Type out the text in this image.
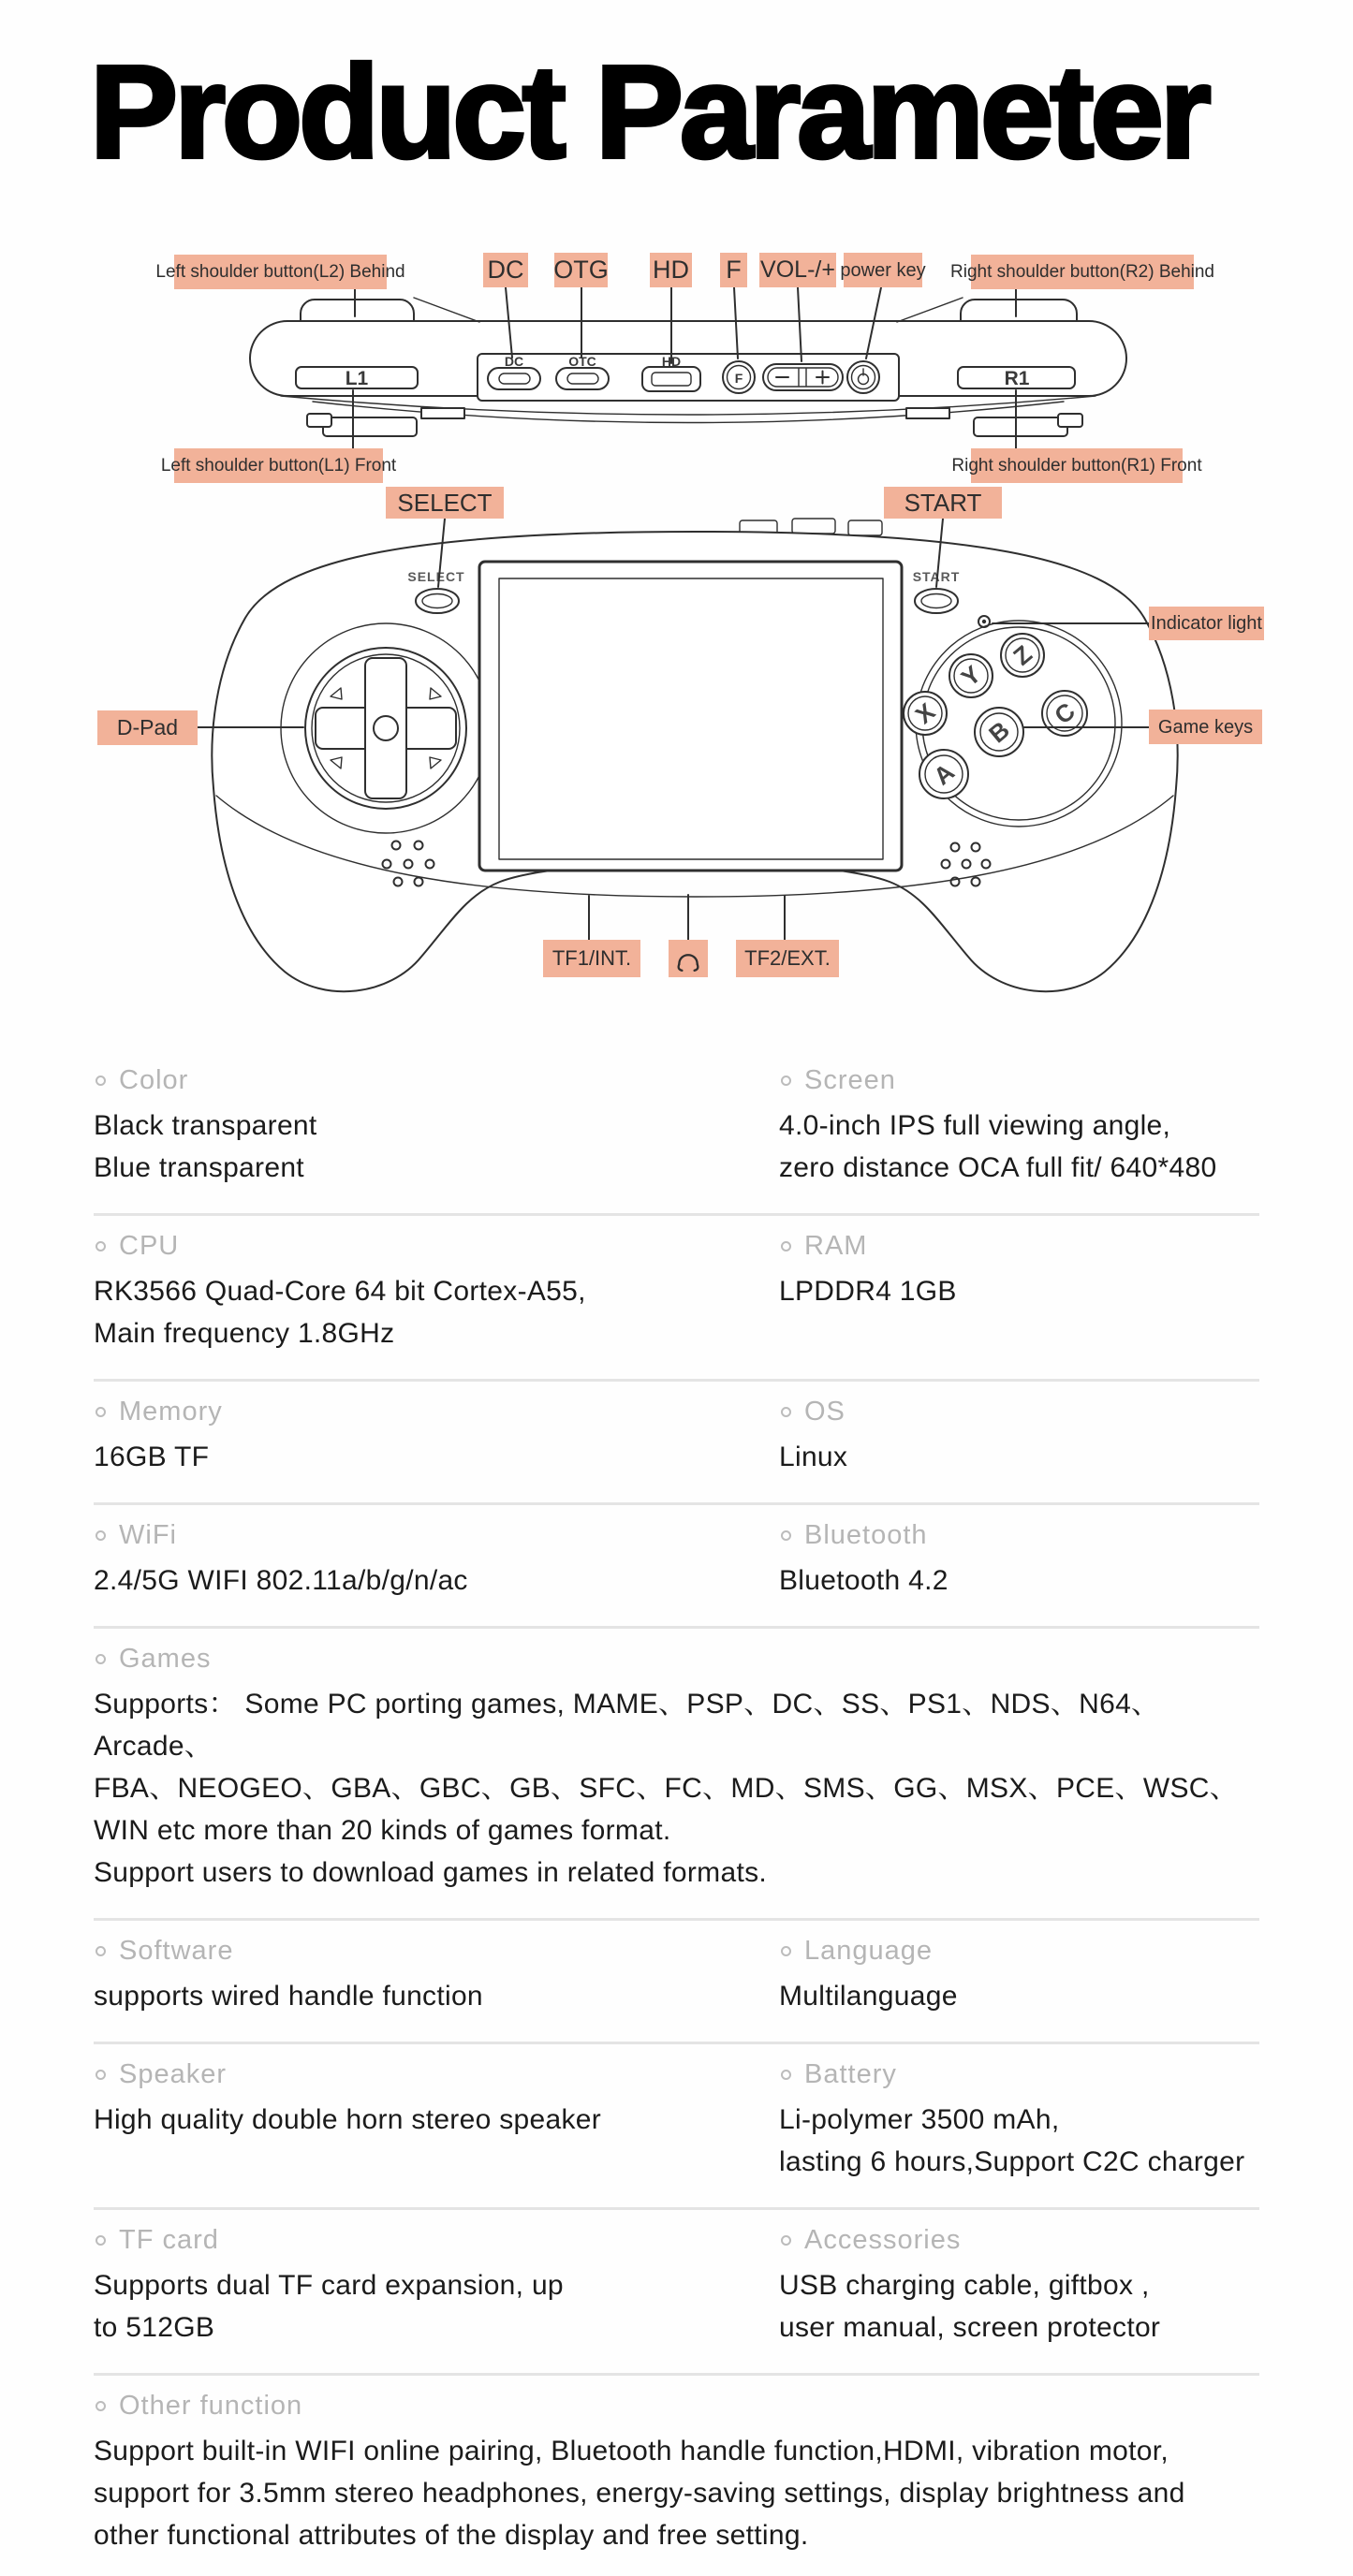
Product Parameter
L1	R1
DC	OTC	HD
F
SELECT	START
X
Y
Z
A
B
C
Left shoulder button(L2) Behind	DC OTG HD F VOL-/+ power key Right shoulder button(R2) Behind
Left shoulder button(L1) Front	Right shoulder button(R1) Front
SELECT	START
Indicator light
D-Pad	Game keys
TF1/INT.	TF2/EXT.
Color
Black transparent
Blue transparent
Screen
4.0-inch IPS full viewing angle,
zero distance OCA full fit/ 640*480
CPU
RK3566 Quad-Core 64 bit Cortex-A55,
Main frequency 1.8GHz
RAM
LPDDR4 1GB
Memory
16GB TF
OS
Linux
WiFi
2.4/5G WIFI 802.11a/b/g/n/ac
Bluetooth
Bluetooth 4.2
Games
Supports： Some PC porting games, MAME、PSP、DC、SS、PS1、NDS、N64、Arcade、
FBA、NEOGEO、GBA、GBC、GB、SFC、FC、MD、SMS、GG、MSX、PCE、WSC、
WIN etc more than 20 kinds of games format.
Support users to download games in related formats.
Software
supports wired handle function
Language
Multilanguage
Speaker
High quality double horn stereo speaker
Battery
Li-polymer 3500 mAh,
lasting 6 hours,Support C2C charger
TF card
Supports dual TF card expansion, up
to 512GB
Accessories
USB charging cable, giftbox ,
user manual, screen protector
Other function
Support built-in WIFI online pairing, Bluetooth handle function,HDMI, vibration motor,
support for 3.5mm stereo headphones, energy-saving settings, display brightness and
other functional attributes of the display and free setting.
